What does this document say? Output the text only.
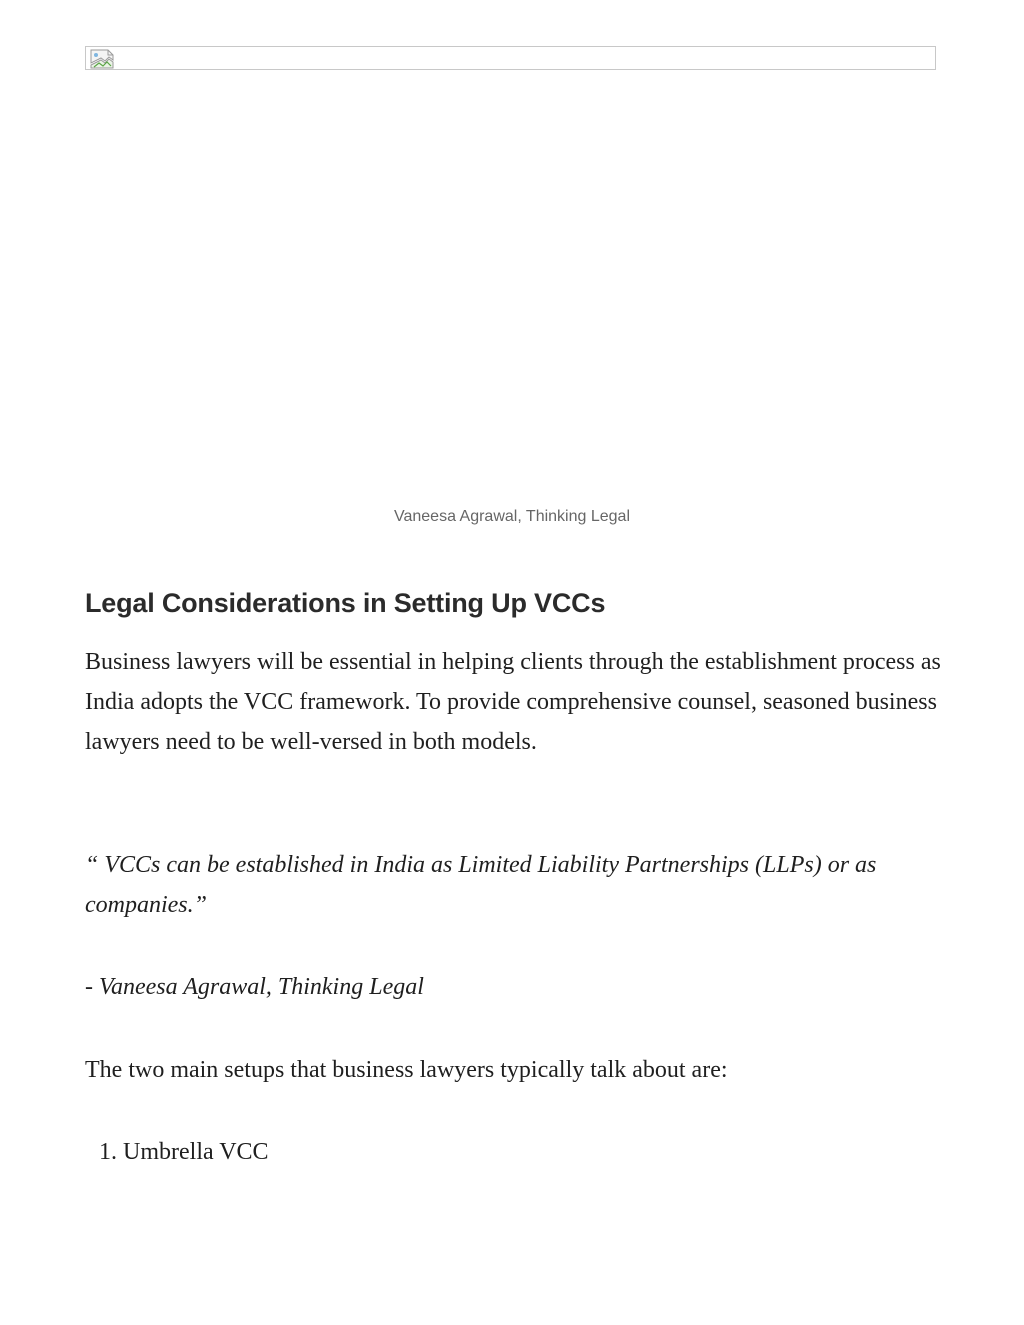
Vaneesa Agrawal, Thinking Legal
Legal Considerations in Setting Up VCCs

Business lawyers will be essential in helping clients through the establishment process as India adopts the VCC framework. To provide comprehensive counsel, seasoned business lawyers need to be well-versed in both models.

“ VCCs can be established in India as Limited Liability Partnerships (LLPs) or as companies.”

- Vaneesa Agrawal, Thinking Legal

The two main setups that business lawyers typically talk about are:

1. Umbrella VCC
